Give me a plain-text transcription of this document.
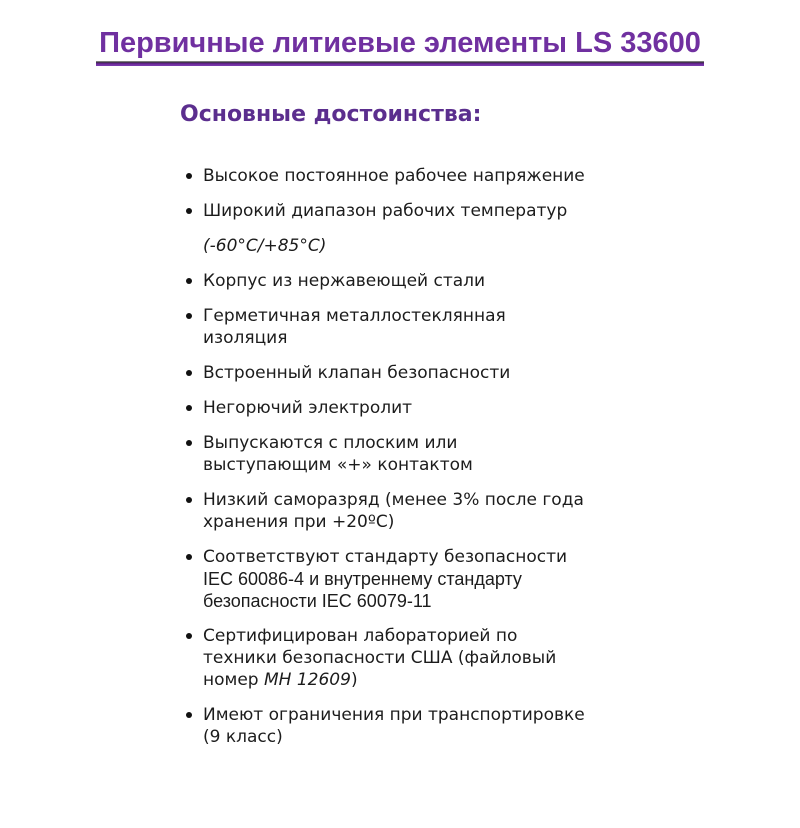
Первичные литиевые элементы LS 33600
Основные достоинства:
Высокое постоянное рабочее напряжение
Широкий диапазон рабочих температур
(-60°C/+85°C)
Корпус из нержавеющей стали
Герметичная металлостеклянная
изоляция
Встроенный клапан безопасности
Негорючий электролит
Выпускаются с плоским или
выступающим «+» контактом
Низкий саморазряд (менее 3% после года
хранения при +20ºC)
Соответствуют стандарту безопасности
IEC 60086-4 и внутреннему стандарту
безопасности IEC 60079-11
Сертифицирован лабораторией по
техники безопасности США (файловый
номер МН 12609)
Имеют ограничения при транспортировке
(9 класс)
